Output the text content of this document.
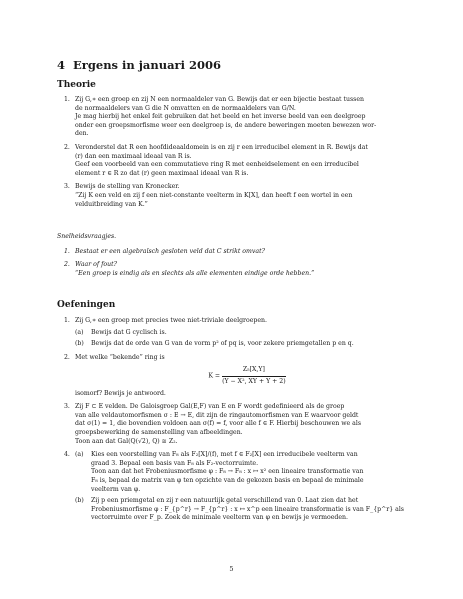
4 Ergens in januari 2006
Theorie
1. Zij G,∗ een groep en zij N een normaaldeler van G. Bewijs dat er een bijectie bestaat tussen
de normaaldelers van G die N omvatten en de normaaldelers van G/N.
Je mag hierbij het enkel feit gebruiken dat het beeld en het inverse beeld van een deelgroep
onder een groepsmorfisme weer een deelgroep is, de andere beweringen moeten bewezen wor-
den.
2. Veronderstel dat R een hoofdideaaldomein is en zij r een irreducibel element in R. Bewijs dat
(r) dan een maximaal ideaal van R is.
Geef een voorbeeld van een commutatieve ring R met eenheidselement en een irreducibel
element r ∈ R zo dat (r) geen maximaal ideaal van R is.
3. Bewijs de stelling van Kronecker.
“Zij K een veld en zij f een niet-constante veelterm in K[X], dan heeft f een wortel in een
velduitbreiding van K.”
Snelheidsvraagjes.
1. Bestaat er een algebraïsch gesloten veld dat C strikt omvat?
2. Waar of fout?
“Een groep is eindig als en slechts als alle elementen eindige orde hebben.”
Oefeningen
1. Zij G,∗ een groep met precies twee niet-triviale deelgroepen.
(a) Bewijs dat G cyclisch is.
(b) Bewijs dat de orde van G van de vorm p² of pq is, voor zekere priemgetallen p en q.
2. Met welke “bekende” ring is
$K = \frac{\text{Z₅[X,Y]}}{\text{(Y − X², XY + Y + 2)}}$
isomorf? Bewijs je antwoord.
3. Zij F ⊂ E velden. De Galoisgroep Gal(E,F) van E en F wordt gedefinieerd als de groep
van alle veldautomorfismen σ : E → E, dit zijn de ringautomorfismen van E waarvoor geldt
dat σ(1) = 1, die bovendien voldoen aan σ(f) = f, voor alle f ∈ F. Hierbij beschouwen we als
groepsbewerking de samenstelling van afbeeldingen.
Toon aan dat Gal(Q(√2), Q) ≅ Z₂.
4. (a) Kies een voorstelling van F₈ als F₂[X]/(f), met f ∈ F₂[X] een irreducibele veelterm van
graad 3. Bepaal een basis van F₈ als F₂-vectorruimte.
Toon aan dat het Frobeniusmorfisme φ : F₈ → F₈ : x ↦ x² een lineaire transformatie van
F₈ is, bepaal de matrix van φ ten opzichte van de gekozen basis en bepaal de minimale
veelterm van φ.
(b) Zij p een priemgetal en zij r een natuurlijk getal verschillend van 0. Laat zien dat het
Frobeniusmorfisme φ : F_{p^r} → F_{p^r} : x ↦ x^p een lineaire transformatie is van F_{p^r} als
vectorruimte over F_p. Zoek de minimale veelterm van φ en bewijs je vermoeden.
5
